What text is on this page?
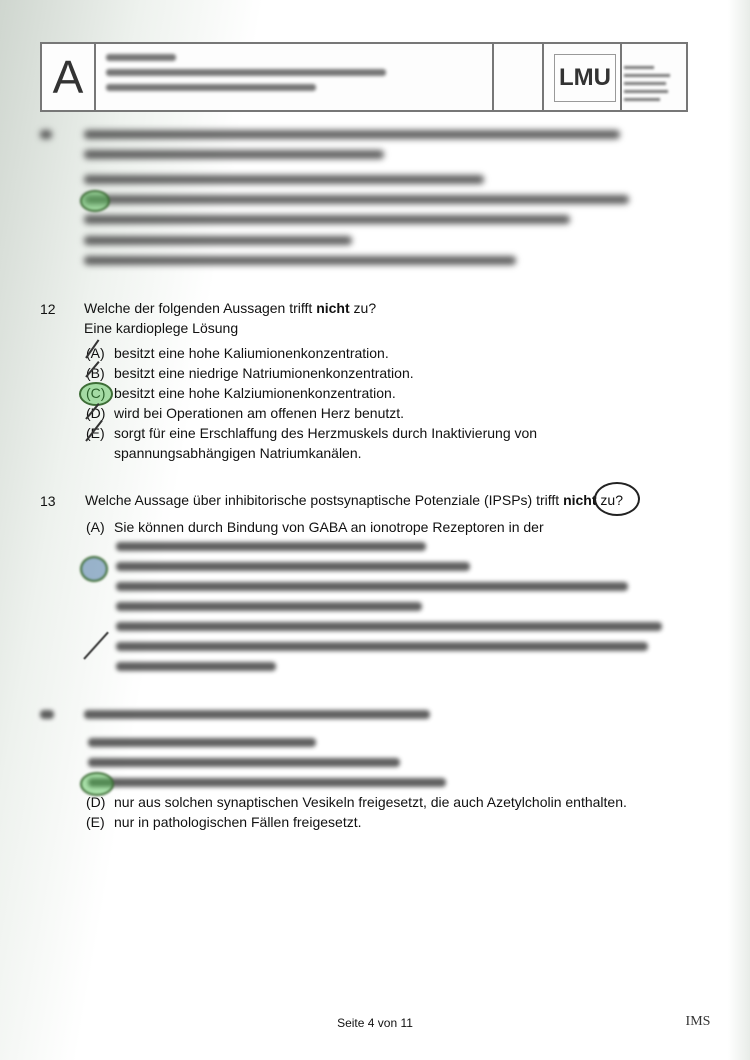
A	LMU
12 Welche der folgenden Aussagen trifft nicht zu?
Eine kardioplege Lösung
(A) besitzt eine hohe Kaliumionenkonzentration.
(B) besitzt eine niedrige Natriumionenkonzentration.
(C) besitzt eine hohe Kalziumionenkonzentration.
(D) wird bei Operationen am offenen Herz benutzt.
(E) sorgt für eine Erschlaffung des Herzmuskels durch Inaktivierung von
spannungsabhängigen Natriumkanälen.
13 Welche Aussage über inhibitorische postsynaptische Potenziale (IPSPs) trifft nicht zu?
(A) Sie können durch Bindung von GABA an ionotrope Rezeptoren in der
(D) nur aus solchen synaptischen Vesikeln freigesetzt, die auch Azetylcholin enthalten.
(E) nur in pathologischen Fällen freigesetzt.
Seite 4 von 11	IMS
